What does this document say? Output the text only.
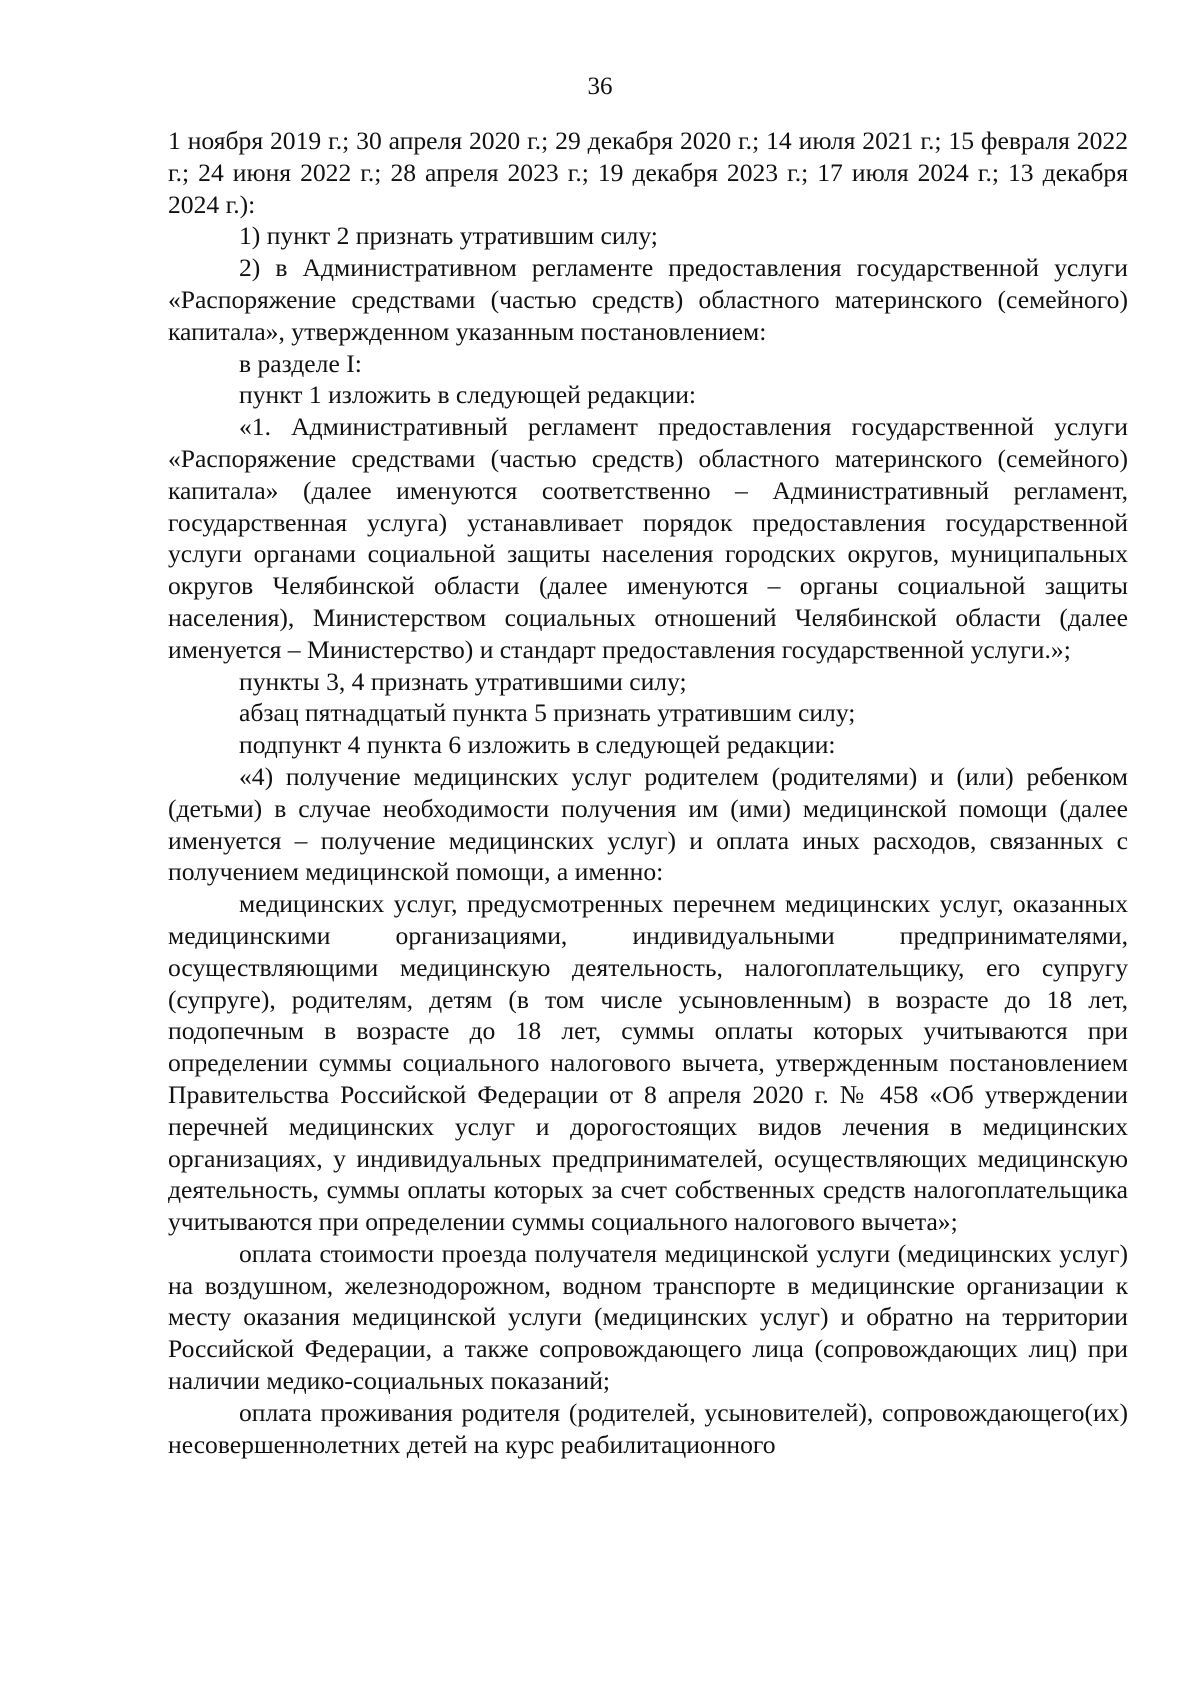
36

1 ноября 2019 г.; 30 апреля 2020 г.; 29 декабря 2020 г.; 14 июля 2021 г.; 15 февраля 2022 г.; 24 июня 2022 г.; 28 апреля 2023 г.; 19 декабря 2023 г.; 17 июля 2024 г.; 13 декабря 2024 г.):

1) пункт 2 признать утратившим силу;

2) в Административном регламенте предоставления государственной услуги «Распоряжение средствами (частью средств) областного материнского (семейного) капитала», утвержденном указанным постановлением:

в разделе I:

пункт 1 изложить в следующей редакции:

«1. Административный регламент предоставления государственной услуги «Распоряжение средствами (частью средств) областного материнского (семейного) капитала» (далее именуются соответственно – Административный регламент, государственная услуга) устанавливает порядок предоставления государственной услуги органами социальной защиты населения городских округов, муниципальных округов Челябинской области (далее именуются – органы социальной защиты населения), Министерством социальных отношений Челябинской области (далее именуется – Министерство) и стандарт предоставления государственной услуги.»;

пункты 3, 4 признать утратившими силу;

абзац пятнадцатый пункта 5 признать утратившим силу;

подпункт 4 пункта 6 изложить в следующей редакции:

«4) получение медицинских услуг родителем (родителями) и (или) ребенком (детьми) в случае необходимости получения им (ими) медицинской помощи (далее именуется – получение медицинских услуг) и оплата иных расходов, связанных с получением медицинской помощи, а именно:

медицинских услуг, предусмотренных перечнем медицинских услуг, оказанных медицинскими организациями, индивидуальными предпринимателями, осуществляющими медицинскую деятельность, налогоплательщику, его супругу (супруге), родителям, детям (в том числе усыновленным) в возрасте до 18 лет, подопечным в возрасте до 18 лет, суммы оплаты которых учитываются при определении суммы социального налогового вычета, утвержденным постановлением Правительства Российской Федерации от 8 апреля 2020 г. № 458 «Об утверждении перечней медицинских услуг и дорогостоящих видов лечения в медицинских организациях, у индивидуальных предпринимателей, осуществляющих медицинскую деятельность, суммы оплаты которых за счет собственных средств налогоплательщика учитываются при определении суммы социального налогового вычета»;

оплата стоимости проезда получателя медицинской услуги (медицинских услуг) на воздушном, железнодорожном, водном транспорте в медицинские организации к месту оказания медицинской услуги (медицинских услуг) и обратно на территории Российской Федерации, а также сопровождающего лица (сопровождающих лиц) при наличии медико-социальных показаний;

оплата проживания родителя (родителей, усыновителей), сопровождающего(их) несовершеннолетних детей на курс реабилитационного
